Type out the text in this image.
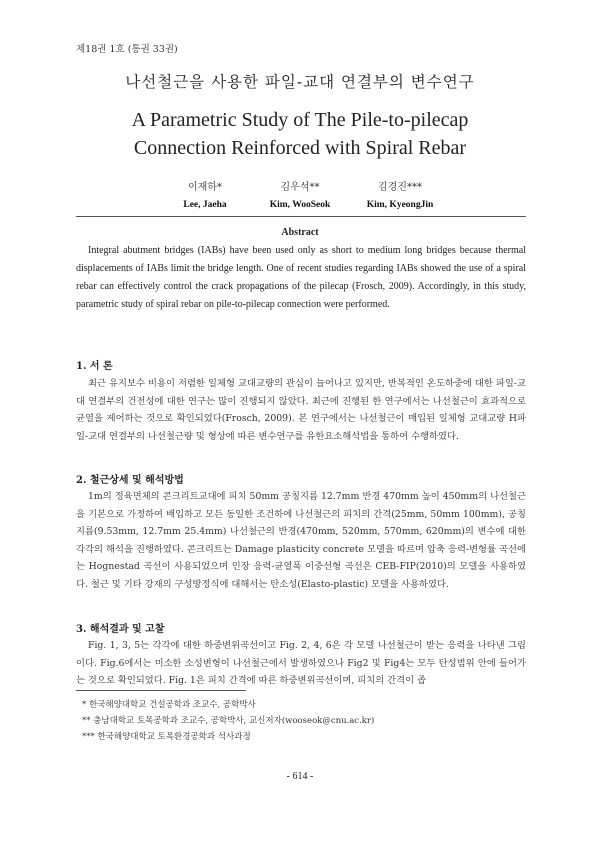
제18권 1호 (통권 33권)
나선철근을 사용한 파일-교대 연결부의 변수연구
A Parametric Study of The Pile-to-pilecap
Connection Reinforced with Spiral Rebar
이재하*
Lee, Jaeha
김우석**
Kim, WooSeok
김경진***
Kim, KyeongJin
Abstract
Integral abutment bridges (IABs) have been used only as short to medium long bridges because thermal displacements of IABs limit the bridge length. One of recent studies regarding IABs showed the use of a spiral rebar can effectively control the crack propagations of the pilecap (Frosch, 2009). Accordingly, in this study, parametric study of spiral rebar on pile-to-pilecap connection were performed.
1. 서 론
최근 유지보수 비용이 저렴한 일체형 교대교량의 관심이 늘어나고 있지만, 반복적인 온도하중에 대한 파일-교대 연결부의 건전성에 대한 연구는 많이 진행되지 않았다. 최근에 진행된 한 연구에서는 나선철근이 효과적으로 균열을 제어하는 것으로 확인되었다(Frosch, 2009). 본 연구에서는 나선철근이 매입된 일체형 교대교량 H파일-교대 연결부의 나선철근량 및 형상에 따른 변수연구를 유한요소해석법을 통하여 수행하였다.
2. 철근상세 및 해석방법
1m의 정육면체의 콘크리트교대에 피치 50mm 공칭지름 12.7mm 반경 470mm 높이 450mm의 나선철근을 기본으로 가정하여 배입하고 모든 동일한 조건하에 나선철근의 피치의 간격(25mm, 50mm 100mm), 공칭 지름(9.53mm, 12.7mm 25.4mm) 나선철근의 반경(470mm, 520mm, 570mm, 620mm)의 변수에 대한 각각의 해석을 진행하였다. 콘크리트는 Damage plasticity concrete 모델을 따르며 압축 응력-변형률 곡선에는 Hognestad 곡선이 사용되었으며 인장 응력-균열폭 이중선형 곡선은 CEB-FIP(2010)의 모델을 사용하였다. 철근 및 기타 강재의 구성방정식에 대해서는 탄소성(Elasto-plastic) 모델을 사용하였다.
3. 해석결과 및 고찰
Fig. 1, 3, 5는 각각에 대한 하중변위곡선이고 Fig. 2, 4, 6은 각 모델 나선철근이 받는 응력을 나타낸 그림이다. Fig.6에서는 미소한 소성변형이 나선철근에서 발생하였으나 Fig2 및 Fig4는 모두 탄성범위 안에 들어가는 것으로 확인되었다. Fig. 1은 피치 간격에 따른 하중변위곡선이며, 피치의 간격이 좁
* 한국해양대학교 건설공학과 조교수, 공학박사
** 충남대학교 토목공학과 조교수, 공학박사, 교신저자(wooseok@cnu.ac.kr)
*** 한국해양대학교 토목환경공학과 석사과정
- 614 -
